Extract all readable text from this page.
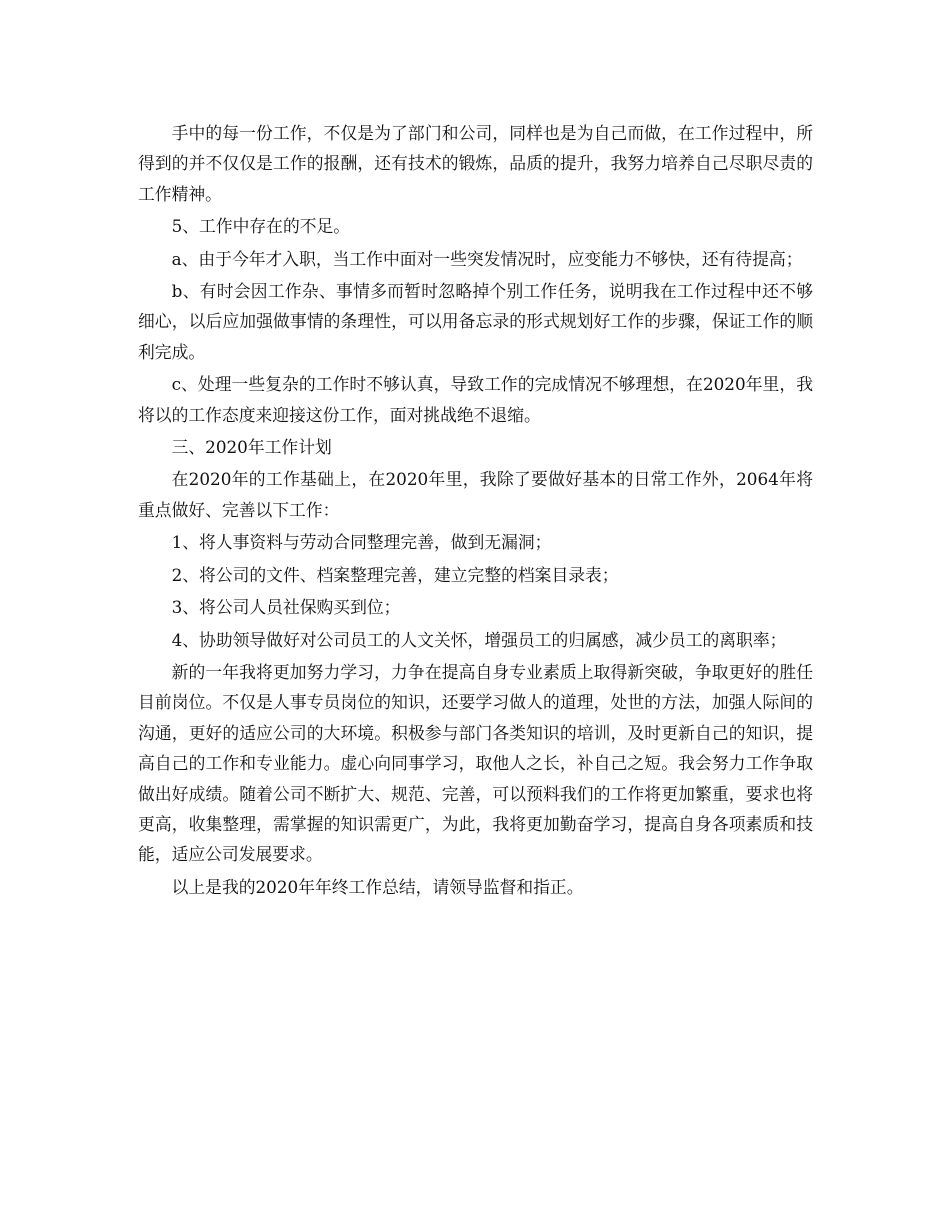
手中的每一份工作，不仅是为了部门和公司，同样也是为自己而做，在工作过程中，所得到的并不仅仅是工作的报酬，还有技术的锻炼，品质的提升，我努力培养自己尽职尽责的工作精神。

5、工作中存在的不足。

a、由于今年才入职，当工作中面对一些突发情况时，应变能力不够快，还有待提高；

b、有时会因工作杂、事情多而暂时忽略掉个别工作任务，说明我在工作过程中还不够细心，以后应加强做事情的条理性，可以用备忘录的形式规划好工作的步骤，保证工作的顺利完成。

c、处理一些复杂的工作时不够认真，导致工作的完成情况不够理想，在2020年里，我将以的工作态度来迎接这份工作，面对挑战绝不退缩。

三、2020年工作计划

在2020年的工作基础上，在2020年里，我除了要做好基本的日常工作外，2064年将重点做好、完善以下工作：

1、将人事资料与劳动合同整理完善，做到无漏洞；

2、将公司的文件、档案整理完善，建立完整的档案目录表；

3、将公司人员社保购买到位；

4、协助领导做好对公司员工的人文关怀，增强员工的归属感，减少员工的离职率；

新的一年我将更加努力学习，力争在提高自身专业素质上取得新突破，争取更好的胜任目前岗位。不仅是人事专员岗位的知识，还要学习做人的道理，处世的方法，加强人际间的沟通，更好的适应公司的大环境。积极参与部门各类知识的培训，及时更新自己的知识，提高自己的工作和专业能力。虚心向同事学习，取他人之长，补自己之短。我会努力工作争取做出好成绩。随着公司不断扩大、规范、完善，可以预料我们的工作将更加繁重，要求也将更高，收集整理，需掌握的知识需更广，为此，我将更加勤奋学习，提高自身各项素质和技能，适应公司发展要求。

以上是我的2020年年终工作总结，请领导监督和指正。
